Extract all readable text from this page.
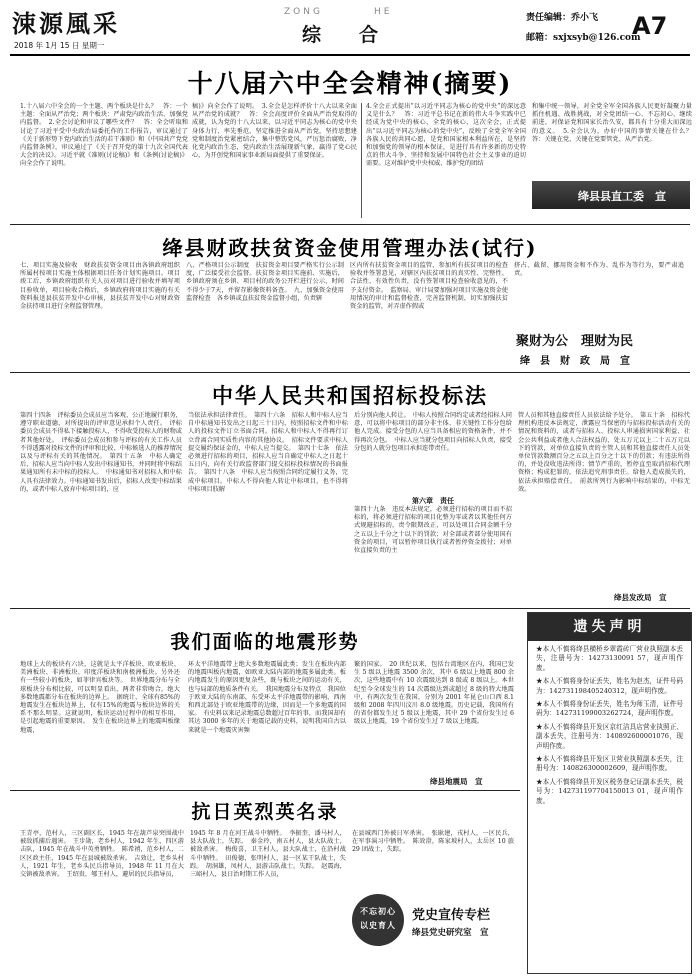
涑源風采
2018 年 1月 15 日 星期一
ZONG	HE
综　　合
责任编辑：乔小飞
邮箱：sxjxsyb@126.com
A7
十八届六中全会精神(摘要)
1.十八届六中全会的一个主题、两个板块是什么？　答：一个主题：全面从严治党；两个板块：严肃党内政治生活、加强党内监督。　2.全会讨论和审议了哪些文件？　答：全会听取和讨论了习近平受中央政治局委托作的工作报告，审议通过了《关于新形势下党内政治生活的若干准则》和《中国共产党党内监督条例》，审议通过了《关于召开党的第十九次全国代表大会的决议》。习近平就《准则(讨论稿)》和《条例(讨论稿)》向全会作了说明。
稿)》向全会作了说明。　3.全会是怎样评价十八大以来全面从严治党的成就？　答：全会高度评价全面从严治党取得的成就，认为党的十八大以来，以习近平同志为核心的党中央身体力行、率先垂范，坚定推进全面从严治党，坚持思想建党和制度治党紧密结合，集中整饬党风，严厉惩治腐败，净化党内政治生态，党内政治生活展现新气象，赢得了党心民心，为开创党和国家事业新局面提供了重要保证。
4.全会正式提出“以习近平同志为核心的党中央”的深远意义是什么？　答：习近平总书记在新的伟大斗争实践中已经成为党中央的核心、全党的核心，这次全会，正式提出“以习近平同志为核心的党中央”，反映了全党全军全国各族人民的共同心愿，是党和国家根本利益所在，是坚持和加强党的领导的根本保证，是进行具有许多新的历史特点的伟大斗争、坚持和发展中国特色社会主义事业的迫切需要。这对维护党中央权威、维护党的团结
和集中统一领导，对全党全军全国各族人民更好凝聚力量抓住机遇、战胜挑战，对全党团结一心、不忘初心、继续前进，对保证党和国家长治久安，都具有十分重大而深远的意义。　5.全会认为，办好中国的事情关键在什么？　答：关键在党，关键在党要管党、从严治党。
绛县县直工委　宣
绛县财政扶贫资金使用管理办法(试行)
七、项目实施及验收　财政扶贫资金项目由各镇政府组织所属村按项目实施主体根据项目任务计划实施项目。项目竣工后，乡镇政府组织有关人员对项目进行验收并填写项目验收单，项目验收合格后，乡镇政府将项目实施的有关资料报送县扶贫开发中心审核，县扶贫开发中心对财政资金扶持项目进行全程监督管理。
八、严格项目公示制度　扶贫资金项目要严格实行公示制度，广泛接受社会监督。扶贫资金项目实施前、实施后，乡镇政府须在乡镇、项目村的政务公开栏进行公示，时间不得少于7天，并留存影像资料备查。　九、加强资金使用监督检查　各乡镇或直扶贫资金监督小组，负责辖
区内所有扶贫资金项目的监管，参加所有扶贫项目的检查验收并签署意见，对辖区内扶贫项目的真实性、完整性、合法性、有效性负责，没有签署项目检查验收意见的，不予支付资金。　监察局、审计局要加强对项目实施及资金使用情况的审计和监督检查，完善监督机制，切实加强扶贫资金的监管，对弄虚作假或
挤占、截留、挪用资金和不作为、乱作为等行为，要严肃追责。
聚财为公　理财为民
绛　县　财　政　局　宣
中华人民共和国招标投标法
第四十四条　评标委员会成员应当客观、公正地履行职务，遵守职业道德，对所提出的评审意见承担个人责任。　评标委员会成员不得私下接触投标人，不得收受投标人的财物或者其他好处。　评标委员会成员和参与评标的有关工作人员不得透露对投标文件的评审和比较、中标候选人的推荐情况以及与评标有关的其他情况。　第四十五条　中标人确定后，招标人应当向中标人发出中标通知书，并同时将中标结果通知所有未中标的投标人。　中标通知书对招标人和中标人具有法律效力。中标通知书发出后，招标人改变中标结果的，或者中标人放弃中标项目的，应
当依法承担法律责任。　第四十六条　招标人和中标人应当自中标通知书发出之日起三十日内，按照招标文件和中标人的投标文件订立书面合同。招标人和中标人不得再行订立背离合同实质性内容的其他协议。　招标文件要求中标人提交履约保证金的，中标人应当提交。　第四十七条　依法必须进行招标的项目，招标人应当自确定中标人之日起十五日内，向有关行政监督部门提交招标投标情况的书面报告。　第四十八条　中标人应当按照合同约定履行义务，完成中标项目。中标人不得向他人转让中标项目，也不得将中标项目肢解
后分别向他人转让。　中标人按照合同约定或者经招标人同意，可以将中标项目的部分非主体、非关键性工作分包给他人完成。接受分包的人应当具备相应的资格条件，并不得再次分包。　中标人应当就分包项目向招标人负责，接受分包的人就分包项目承担连带责任。
第六章　责任
第四十九条　违反本法规定，必须进行招标的项目而不招标的，将必须进行招标的项目化整为零或者以其他任何方式规避招标的，责令限期改正，可以处项目合同金额千分之五以上千分之十以下的罚款；对全部或者部分使用国有资金的项目，可以暂停项目执行或者暂停资金拨付；对单位直接负责的主
管人员和其他直接责任人员依法给予处分。　第五十条　招标代理机构违反本法规定，泄露应当保密的与招标投标活动有关的情况和资料的，或者与招标人、投标人串通损害国家利益、社会公共利益或者他人合法权益的，处五万元以上二十五万元以下的罚款，对单位直接负责的主管人员和其他直接责任人员处单位罚款数额百分之五以上百分之十以下的罚款；有违法所得的，并处没收违法所得；情节严重的，暂停直至取消招标代理资格；构成犯罪的，依法追究刑事责任。给他人造成损失的，依法承担赔偿责任。　前款所列行为影响中标结果的，中标无效。
绛县发改局　宣
我们面临的地震形势
地球上大的板块有六块，这就是太平洋板块、欧亚板块、美洲板块、非洲板块、印度洋板块和南极洲板块。另外还有一些较小的板块，如菲律宾板块等。　世界地震分布与全球板块分布相比较，可以明显看出，两者非常吻合，绝大多数地震都分布在板块的边界上。　据统计，全球有85%的地震发生在板块边界上，仅有15%的地震与板块边界的关系不那么明显。这就说明，板块运动过程中的相互作用，是引起地震的重要原因。　发生在板块边界上的地震叫板缘地震，
环太平洋地震带上绝大多数地震属此类；发生在板块内部的地震叫板内地震，如欧亚大陆内部的地震多属此类。板内地震发生的原因更复杂些，既与板块之间的运动有关，也与局部的地质条件有关。　我国地震分布及特点　我国位于欧亚大陆的东南部，东受环太平洋地震带的影响，西南和西北部处于欧亚地震带的边缘，因而是一个多地震的国家。　有史料以来记录地震总数超过百年的事，而我国却有其达 3000 多年的关于地震记载的史料，说明我国自古以来就是一个地震灾害频
繁的国家。　20 世纪以来，包括台湾地区在内，我国已发生 5 级以上地震 3500 余次，其中 6 级以上地震 800 余次，这些地震中有 10 次震级达到 8 级或 8 级以上。本世纪至今全球发生的 14 次震级达到或超过 8 级的特大地震中，有两次发生在我国，分别为 2001 年昆仑山口西 8.1 级和 2008 年四川汶川 8.0 级地震。历史记载，我国所有的省份都发生过 5 级以上地震，其中 29 个省份发生过 6 级以上地震，19 个省份发生过 7 级以上地震。
绛县地震局　宣
遗失声明
★本人不慎将绛县横桥乡翠霞砖厂营业执照副本丢失，注册号为：14273130091 57，现声明作废。
★本人不慎将身份证丢失，姓名为赵杰，证件号码为：142731198405240312，现声明作废。
★本人不慎将身份证丢失，姓名为师玉清，证件号码为：142731199003262724，现声明作废。
★本人不慎将绛县开发区京红洁具店营业执照正、副本丢失，注册号为：140892600001076，现声明作废。
★本人不慎将绛县开发区卫营业执照副本丢失，注册号为：140826300002609，现声明作废。
★本人不慎将绛县开发区税务登记证副本丢失，税号为：142731197704150013 01，现声明作废。
抗日英烈英名录
王青亭，范村人，三区副区长，1945 年在葫芦泉突围战中被敌抓捕后遇害。　王步勋，老乡村人，1942 年生，四区游击队，1945 年在战斗中英勇牺牲。　陈希禧，范乡村人，二区区政主任，1945 年在县城被敌杀害。　吉效让，老乡头村人，1921 年生，老乡头民兵指导员，1948 年 11 月在大交镇被敌杀害。　王绍贵，郇王村人，避居的民兵指导员，
1945 年 8 月在河王战斗中牺牲。　李振奎，潘马村人，县大队战士，失踪。　秦金玲，南五村人，县大队战士，被敌杀害。　梅俊喜，卫王村人，县大队战士，在沿村战斗中牺牲。　田俊德，张明村人，县一区某干队战士，失踪。　胡洞雄，凤村人，县游击队战士，失踪。　赵震海，三峪村人，县日治时期工作人员，
在县城西门外被日军杀害。　张耿建，戎村人，一区民兵，在军事演习中牺牲。　陈效澄，陈家坡村人，太岳区 10 旅 29 团战士，失踪。
不忘初心
以史育人
党史宣传专栏
绛县党史研究室　宣
